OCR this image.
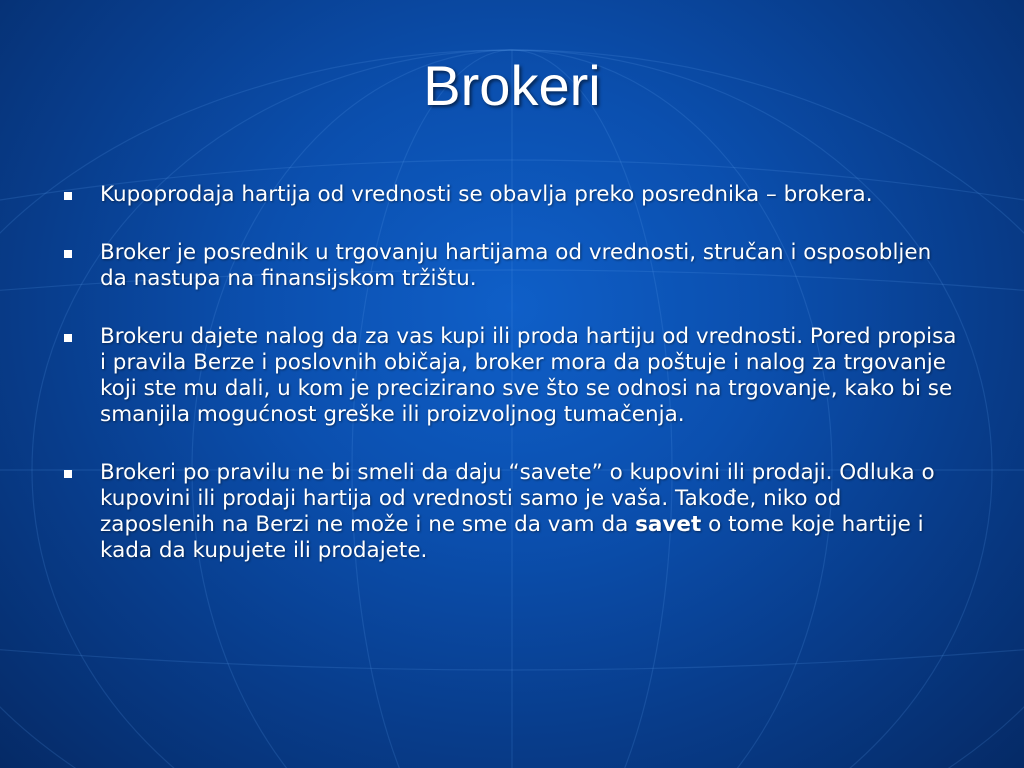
Brokeri
Kupoprodaja hartija od vrednosti se obavlja preko posrednika – brokera.
Broker je posrednik u trgovanju hartijama od vrednosti, stručan i osposobljen da nastupa na finansijskom tržištu.
Brokeru dajete nalog da za vas kupi ili proda hartiju od vrednosti. Pored propisa i pravila Berze i poslovnih običaja, broker mora da poštuje i nalog za trgovanje koji ste mu dali, u kom je precizirano sve što se odnosi na trgovanje, kako bi se smanjila mogućnost greške ili proizvoljnog tumačenja.
Brokeri po pravilu ne bi smeli da daju “savete” o kupovini ili prodaji. Odluka o kupovini ili prodaji hartija od vrednosti samo je vaša. Takođe, niko od zaposlenih na Berzi ne može i ne sme da vam da savet o tome koje hartije i kada da kupujete ili prodajete.
